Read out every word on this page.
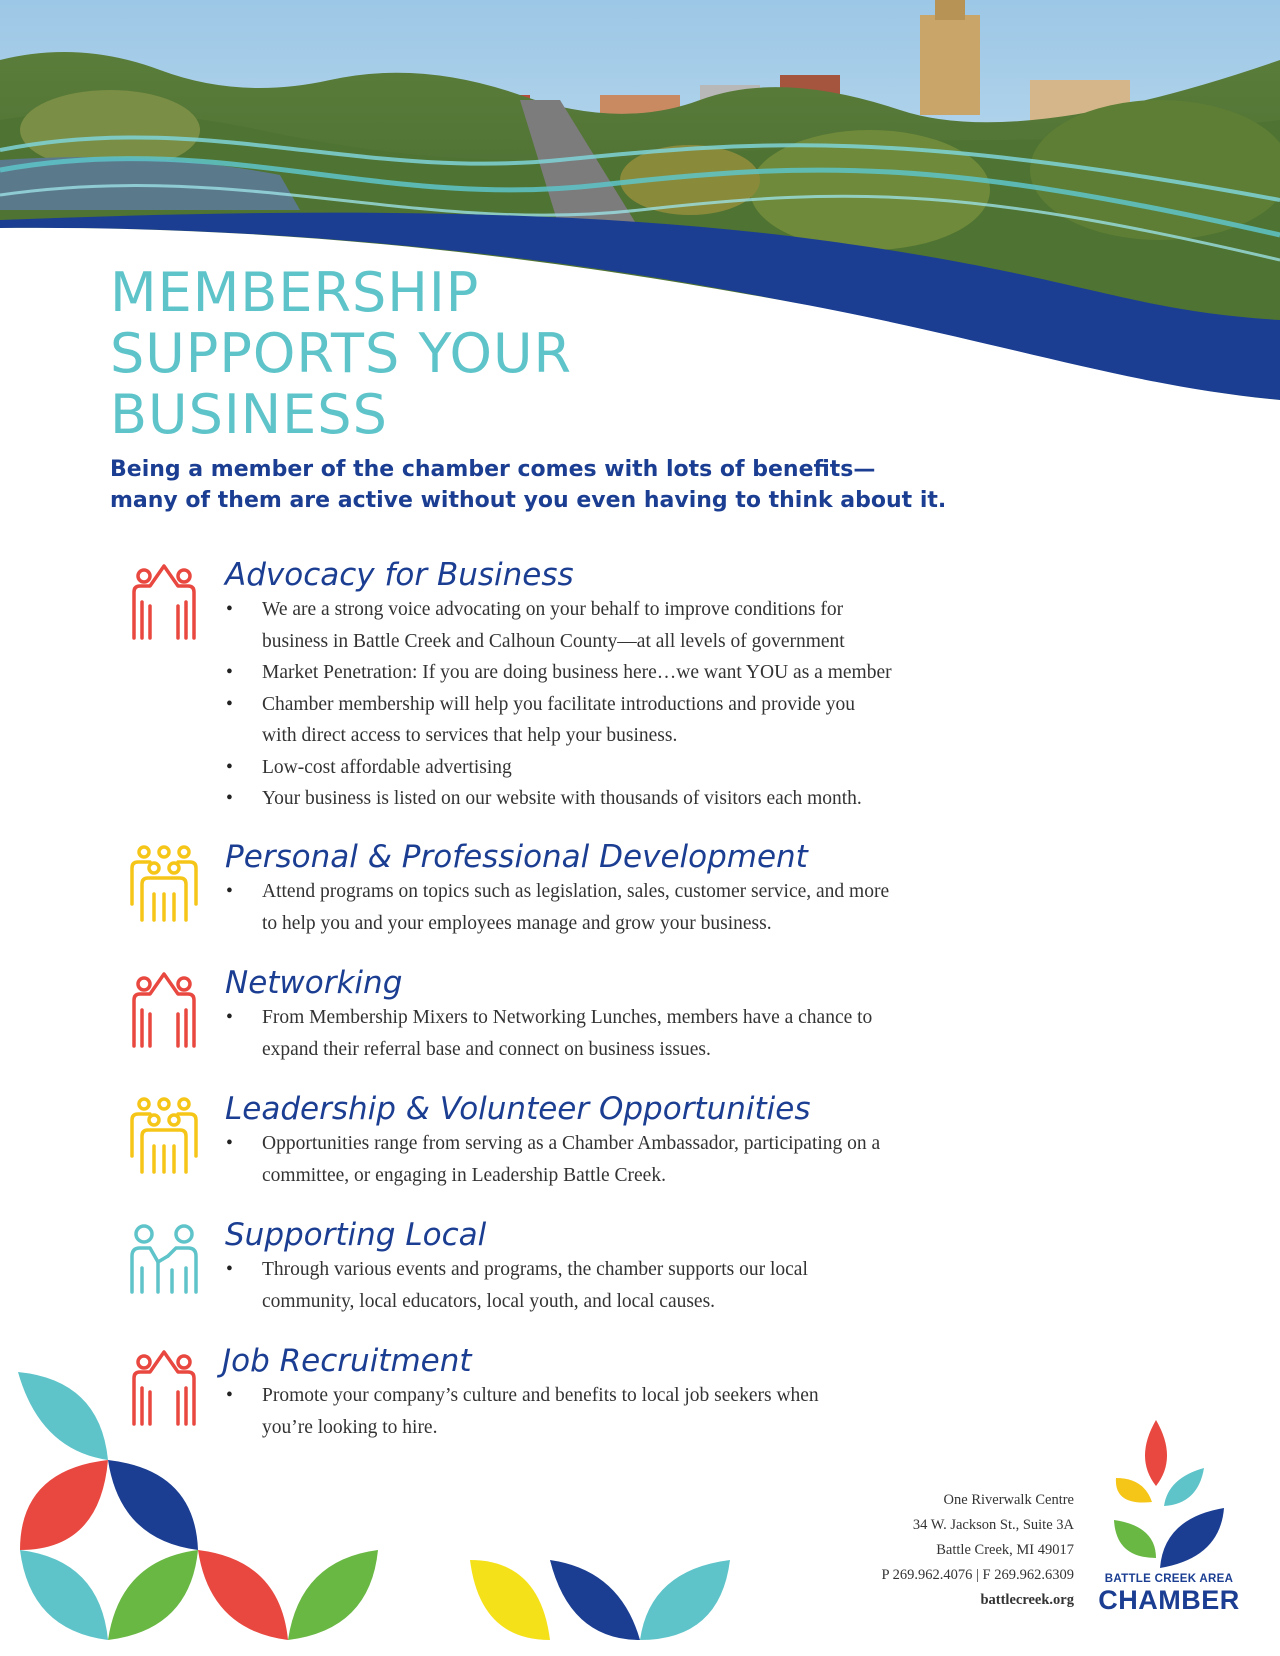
MEMBERSHIP
SUPPORTS YOUR
BUSINESS

Being a member of the chamber comes with lots of benefits—
many of them are active without you even having to think about it.

Advocacy for Business
• We are a strong voice advocating on your behalf to improve conditions for
business in Battle Creek and Calhoun County—at all levels of government
• Market Penetration: If you are doing business here…we want YOU as a member
• Chamber membership will help you facilitate introductions and provide you
with direct access to services that help your business.
• Low-cost affordable advertising
• Your business is listed on our website with thousands of visitors each month.
Personal & Professional Development
• Attend programs on topics such as legislation, sales, customer service, and more
to help you and your employees manage and grow your business.
Networking
• From Membership Mixers to Networking Lunches, members have a chance to
expand their referral base and connect on business issues.
Leadership & Volunteer Opportunities
• Opportunities range from serving as a Chamber Ambassador, participating on a
committee, or engaging in Leadership Battle Creek.
Supporting Local
• Through various events and programs, the chamber supports our local
community, local educators, local youth, and local causes.
Job Recruitment
• Promote your company’s culture and benefits to local job seekers when
you’re looking to hire.
One Riverwalk Centre
34 W. Jackson St., Suite 3A
Battle Creek, MI 49017
P 269.962.4076 | F 269.962.6309
battlecreek.org
BATTLE CREEK AREA
CHAMBER
